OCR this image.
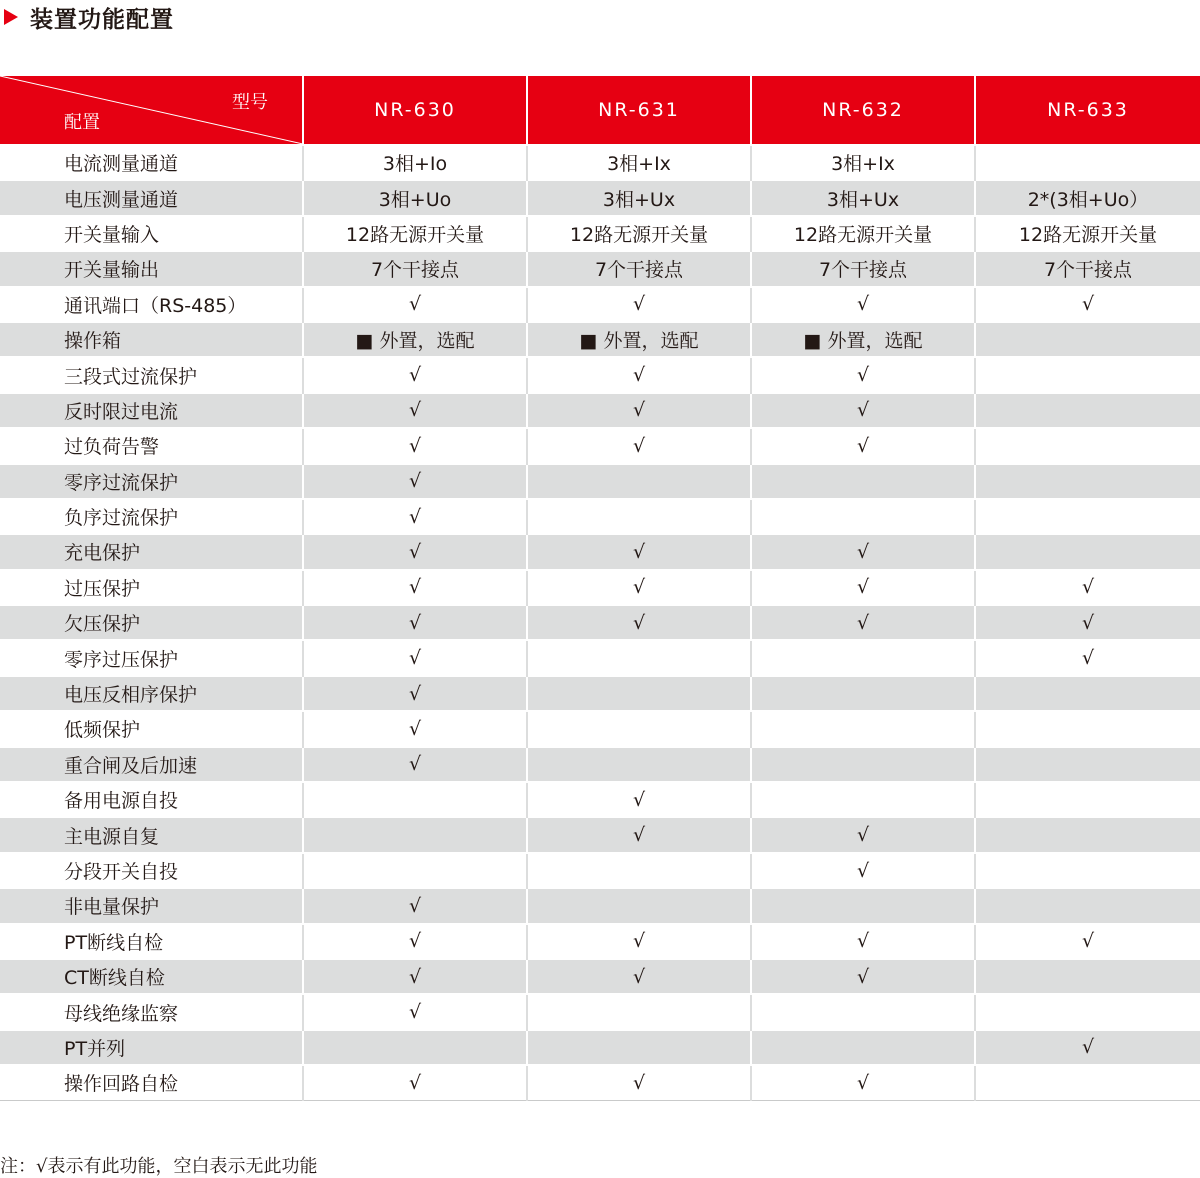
装置功能配置
型号
配置	NR-630	NR-631	NR-632	NR-633
电流测量通道	3相+Io	3相+Ix	3相+Ix	
电压测量通道	3相+Uo	3相+Ux	3相+Ux	2*(3相+Uo）
开关量输入	12路无源开关量	12路无源开关量	12路无源开关量	12路无源开关量
开关量输出	7个干接点	7个干接点	7个干接点	7个干接点
通讯端口（RS-485）	√	√	√	√
操作箱	■ 外置，选配	■ 外置，选配	■ 外置，选配	
三段式过流保护	√	√	√	
反时限过电流	√	√	√	
过负荷告警	√	√	√	
零序过流保护	√			
负序过流保护	√			
充电保护	√	√	√	
过压保护	√	√	√	√
欠压保护	√	√	√	√
零序过压保护	√			√
电压反相序保护	√			
低频保护	√			
重合闸及后加速	√			
备用电源自投		√		
主电源自复		√	√	
分段开关自投			√	
非电量保护	√			
PT断线自检	√	√	√	√
CT断线自检	√	√	√	
母线绝缘监察	√			
PT并列				√
操作回路自检	√	√	√	
注：√表示有此功能，空白表示无此功能
